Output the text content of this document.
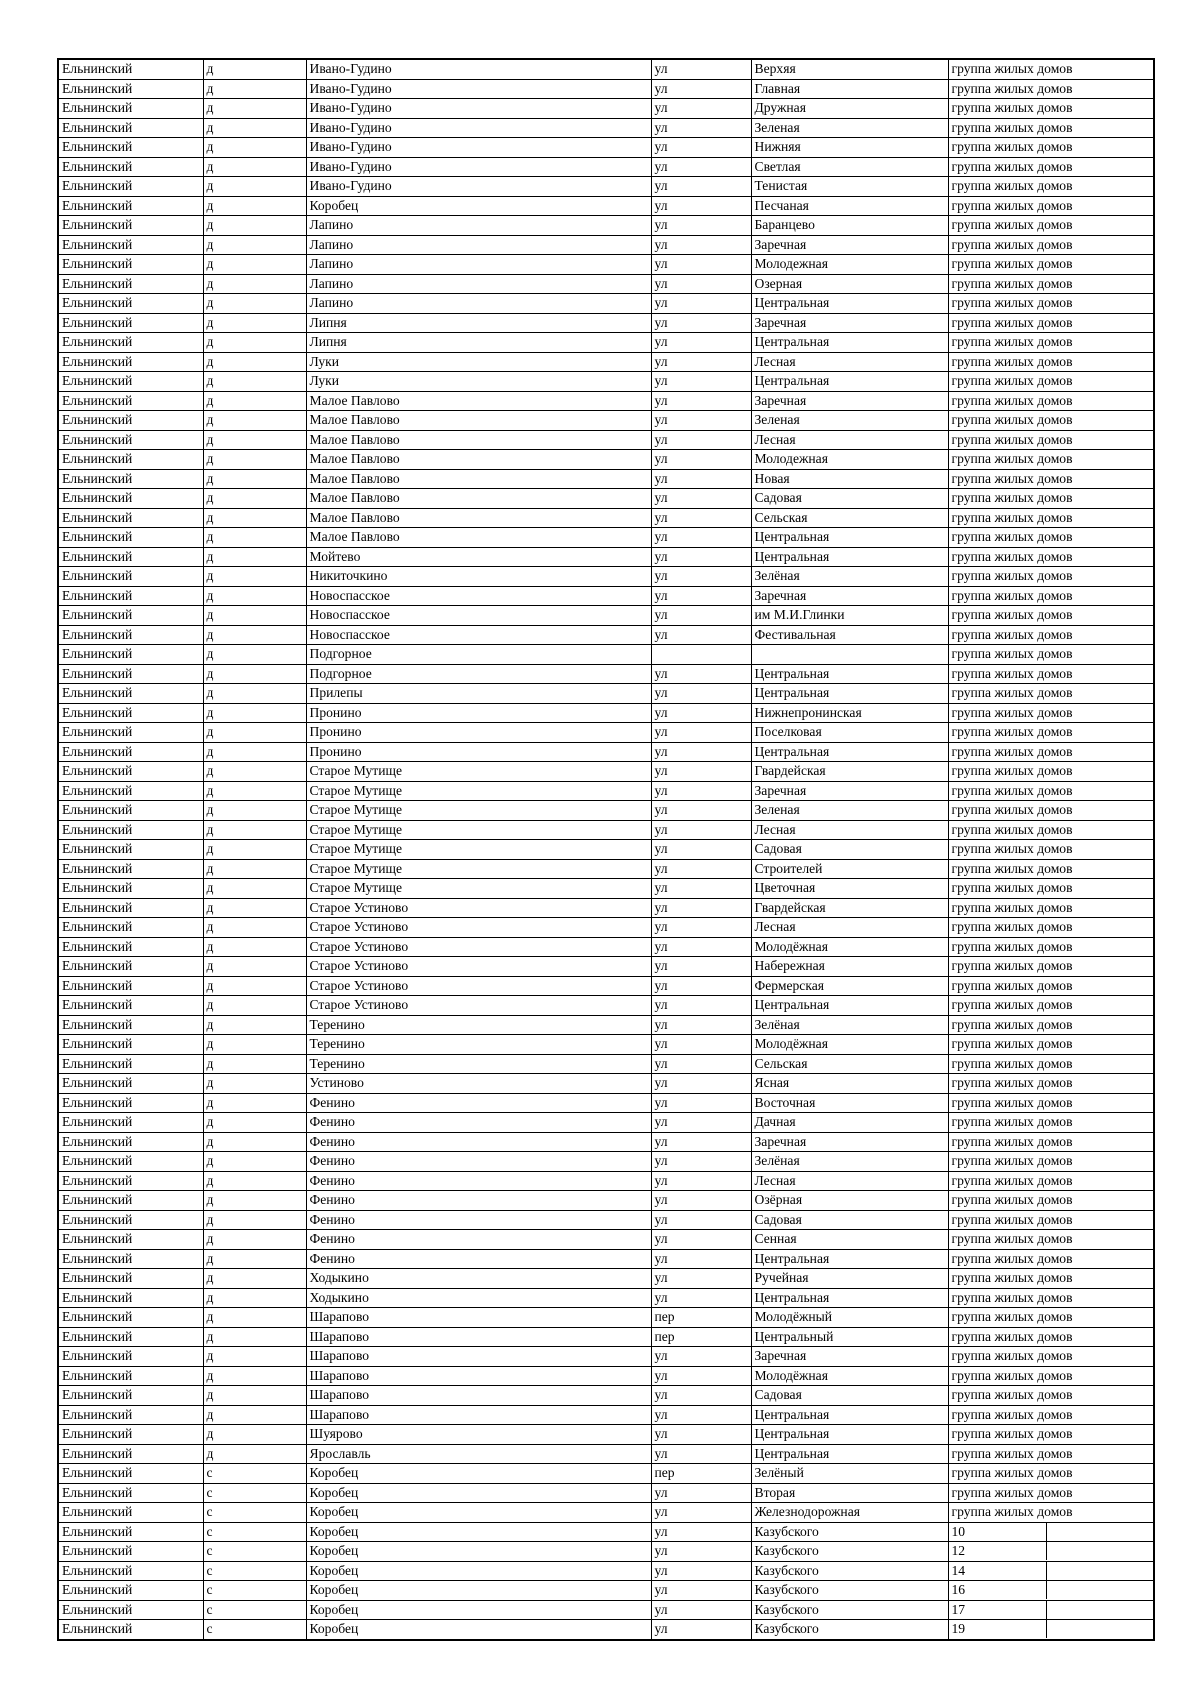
Ельнинский	д	Ивано-Гудино	ул	Верхяя	группа жилых домов
Ельнинский	д	Ивано-Гудино	ул	Главная	группа жилых домов
Ельнинский	д	Ивано-Гудино	ул	Дружная	группа жилых домов
Ельнинский	д	Ивано-Гудино	ул	Зеленая	группа жилых домов
Ельнинский	д	Ивано-Гудино	ул	Нижняя	группа жилых домов
Ельнинский	д	Ивано-Гудино	ул	Светлая	группа жилых домов
Ельнинский	д	Ивано-Гудино	ул	Тенистая	группа жилых домов
Ельнинский	д	Коробец	ул	Песчаная	группа жилых домов
Ельнинский	д	Лапино	ул	Баранцево	группа жилых домов
Ельнинский	д	Лапино	ул	Заречная	группа жилых домов
Ельнинский	д	Лапино	ул	Молодежная	группа жилых домов
Ельнинский	д	Лапино	ул	Озерная	группа жилых домов
Ельнинский	д	Лапино	ул	Центральная	группа жилых домов
Ельнинский	д	Липня	ул	Заречная	группа жилых домов
Ельнинский	д	Липня	ул	Центральная	группа жилых домов
Ельнинский	д	Луки	ул	Лесная	группа жилых домов
Ельнинский	д	Луки	ул	Центральная	группа жилых домов
Ельнинский	д	Малое Павлово	ул	Заречная	группа жилых домов
Ельнинский	д	Малое Павлово	ул	Зеленая	группа жилых домов
Ельнинский	д	Малое Павлово	ул	Лесная	группа жилых домов
Ельнинский	д	Малое Павлово	ул	Молодежная	группа жилых домов
Ельнинский	д	Малое Павлово	ул	Новая	группа жилых домов
Ельнинский	д	Малое Павлово	ул	Садовая	группа жилых домов
Ельнинский	д	Малое Павлово	ул	Сельская	группа жилых домов
Ельнинский	д	Малое Павлово	ул	Центральная	группа жилых домов
Ельнинский	д	Мойтево	ул	Центральная	группа жилых домов
Ельнинский	д	Никиточкино	ул	Зелёная	группа жилых домов
Ельнинский	д	Новоспасское	ул	Заречная	группа жилых домов
Ельнинский	д	Новоспасское	ул	им М.И.Глинки	группа жилых домов
Ельнинский	д	Новоспасское	ул	Фестивальная	группа жилых домов
Ельнинский	д	Подгорное			группа жилых домов
Ельнинский	д	Подгорное	ул	Центральная	группа жилых домов
Ельнинский	д	Прилепы	ул	Центральная	группа жилых домов
Ельнинский	д	Пронино	ул	Нижнепронинская	группа жилых домов
Ельнинский	д	Пронино	ул	Поселковая	группа жилых домов
Ельнинский	д	Пронино	ул	Центральная	группа жилых домов
Ельнинский	д	Старое Мутище	ул	Гвардейская	группа жилых домов
Ельнинский	д	Старое Мутище	ул	Заречная	группа жилых домов
Ельнинский	д	Старое Мутище	ул	Зеленая	группа жилых домов
Ельнинский	д	Старое Мутище	ул	Лесная	группа жилых домов
Ельнинский	д	Старое Мутище	ул	Садовая	группа жилых домов
Ельнинский	д	Старое Мутище	ул	Строителей	группа жилых домов
Ельнинский	д	Старое Мутище	ул	Цветочная	группа жилых домов
Ельнинский	д	Старое Устиново	ул	Гвардейская	группа жилых домов
Ельнинский	д	Старое Устиново	ул	Лесная	группа жилых домов
Ельнинский	д	Старое Устиново	ул	Молодёжная	группа жилых домов
Ельнинский	д	Старое Устиново	ул	Набережная	группа жилых домов
Ельнинский	д	Старое Устиново	ул	Фермерская	группа жилых домов
Ельнинский	д	Старое Устиново	ул	Центральная	группа жилых домов
Ельнинский	д	Теренино	ул	Зелёная	группа жилых домов
Ельнинский	д	Теренино	ул	Молодёжная	группа жилых домов
Ельнинский	д	Теренино	ул	Сельская	группа жилых домов
Ельнинский	д	Устиново	ул	Ясная	группа жилых домов
Ельнинский	д	Фенино	ул	Восточная	группа жилых домов
Ельнинский	д	Фенино	ул	Дачная	группа жилых домов
Ельнинский	д	Фенино	ул	Заречная	группа жилых домов
Ельнинский	д	Фенино	ул	Зелёная	группа жилых домов
Ельнинский	д	Фенино	ул	Лесная	группа жилых домов
Ельнинский	д	Фенино	ул	Озёрная	группа жилых домов
Ельнинский	д	Фенино	ул	Садовая	группа жилых домов
Ельнинский	д	Фенино	ул	Сенная	группа жилых домов
Ельнинский	д	Фенино	ул	Центральная	группа жилых домов
Ельнинский	д	Ходыкино	ул	Ручейная	группа жилых домов
Ельнинский	д	Ходыкино	ул	Центральная	группа жилых домов
Ельнинский	д	Шарапово	пер	Молодёжный	группа жилых домов
Ельнинский	д	Шарапово	пер	Центральный	группа жилых домов
Ельнинский	д	Шарапово	ул	Заречная	группа жилых домов
Ельнинский	д	Шарапово	ул	Молодёжная	группа жилых домов
Ельнинский	д	Шарапово	ул	Садовая	группа жилых домов
Ельнинский	д	Шарапово	ул	Центральная	группа жилых домов
Ельнинский	д	Шуярово	ул	Центральная	группа жилых домов
Ельнинский	д	Ярославль	ул	Центральная	группа жилых домов
Ельнинский	с	Коробец	пер	Зелёный	группа жилых домов
Ельнинский	с	Коробец	ул	Вторая	группа жилых домов
Ельнинский	с	Коробец	ул	Железнодорожная	группа жилых домов
Ельнинский	с	Коробец	ул	Казубского	10
Ельнинский	с	Коробец	ул	Казубского	12
Ельнинский	с	Коробец	ул	Казубского	14
Ельнинский	с	Коробец	ул	Казубского	16
Ельнинский	с	Коробец	ул	Казубского	17
Ельнинский	с	Коробец	ул	Казубского	19
